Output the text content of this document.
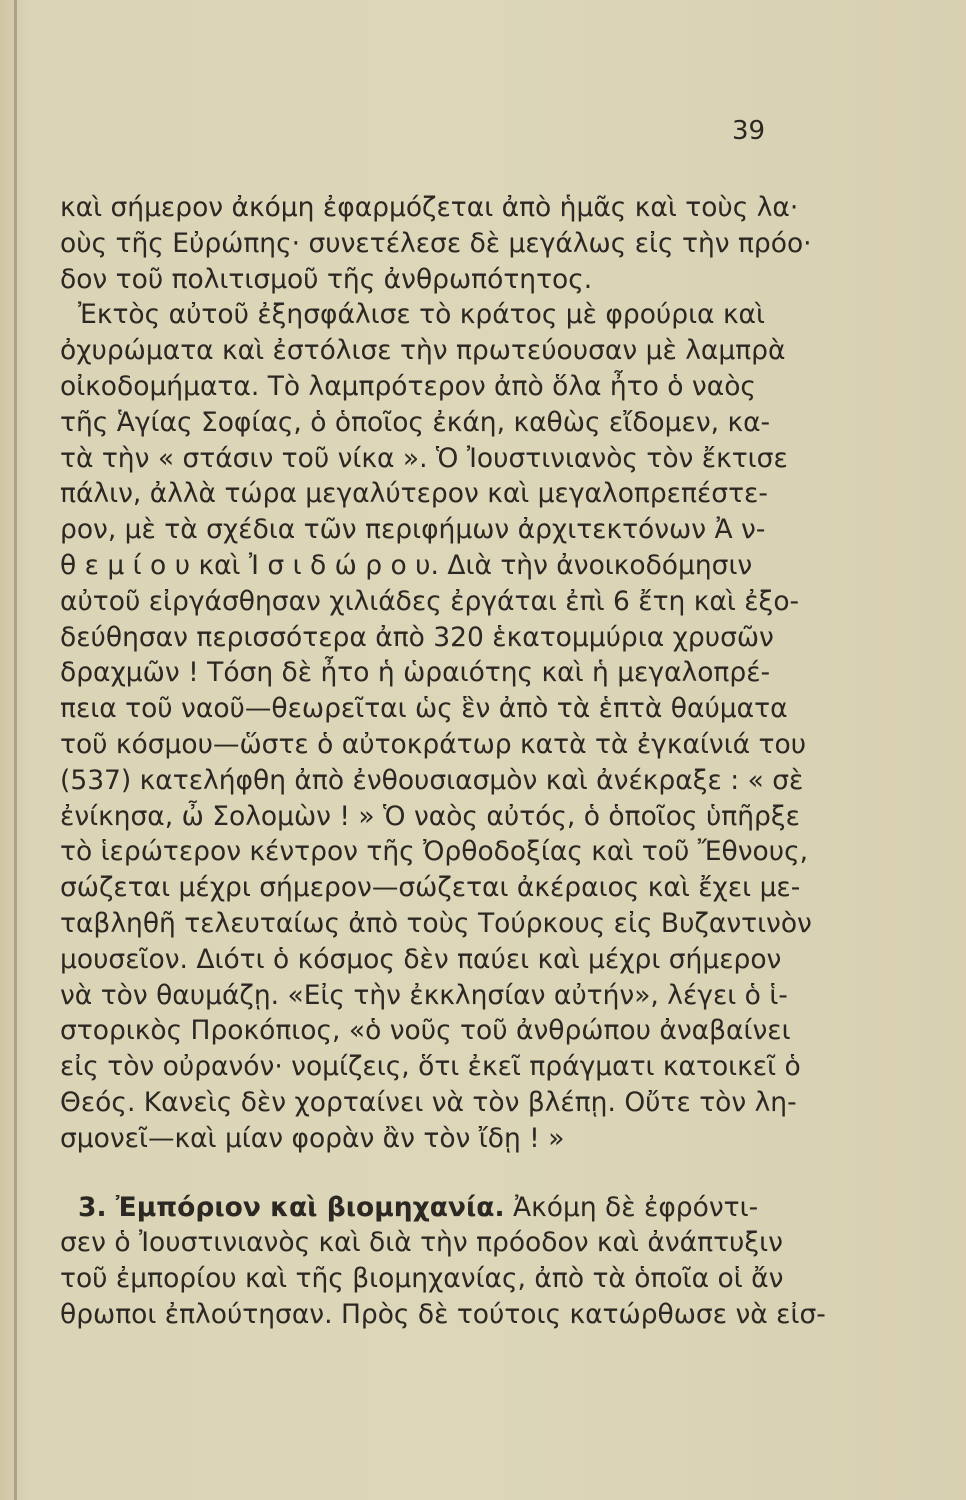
39
καὶ σήμερον ἀκόμη ἐφαρμόζεται ἀπὸ ἡμᾶς καὶ τοὺς λα·
οὺς τῆς Εὐρώπης· συνετέλεσε δὲ μεγάλως εἰς τὴν πρόο·
δον τοῦ πολιτισμοῦ τῆς ἀνθρωπότητος.
Ἐκτὸς αὐτοῦ ἐξησφάλισε τὸ κράτος μὲ φρούρια καὶ
ὀχυρώματα καὶ ἐστόλισε τὴν πρωτεύουσαν μὲ λαμπρὰ
οἰκοδομήματα. Τὸ λαμπρότερον ἀπὸ ὅλα ἦτο ὁ ναὸς
τῆς Ἁγίας Σοφίας, ὁ ὁποῖος ἐκάη, καθὼς εἴδομεν, κα-
τὰ τὴν « στάσιν τοῦ νίκα ». Ὁ Ἰουστινιανὸς τὸν ἔκτισε
πάλιν, ἀλλὰ τώρα μεγαλύτερον καὶ μεγαλοπρεπέστε-
ρον, μὲ τὰ σχέδια τῶν περιφήμων ἀρχιτεκτόνων Ἀ ν-
θ ε μ ί ο υ καὶ Ἰ σ ι δ ώ ρ ο υ. Διὰ τὴν ἀνοικοδόμησιν
αὐτοῦ εἰργάσθησαν χιλιάδες ἐργάται ἐπὶ 6 ἔτη καὶ ἐξο-
δεύθησαν περισσότερα ἀπὸ 320 ἑκατομμύρια χρυσῶν
δραχμῶν ! Τόση δὲ ἦτο ἡ ὡραιότης καὶ ἡ μεγαλοπρέ-
πεια τοῦ ναοῦ—θεωρεῖται ὡς ἓν ἀπὸ τὰ ἑπτὰ θαύματα
τοῦ κόσμου—ὥστε ὁ αὐτοκράτωρ κατὰ τὰ ἐγκαίνιά του
(537) κατελήφθη ἀπὸ ἐνθουσιασμὸν καὶ ἀνέκραξε : « σὲ
ἐνίκησα, ὦ Σολομὼν ! » Ὁ ναὸς αὐτός, ὁ ὁποῖος ὑπῆρξε
τὸ ἱερώτερον κέντρον τῆς Ὀρθοδοξίας καὶ τοῦ Ἔθνους,
σώζεται μέχρι σήμερον—σώζεται ἀκέραιος καὶ ἔχει με-
ταβληθῆ τελευταίως ἀπὸ τοὺς Τούρκους εἰς Βυζαντινὸν
μουσεῖον. Διότι ὁ κόσμος δὲν παύει καὶ μέχρι σήμερον
νὰ τὸν θαυμάζῃ. «Εἰς τὴν ἐκκλησίαν αὐτήν», λέγει ὁ ἱ-
στορικὸς Προκόπιος, «ὁ νοῦς τοῦ ἀνθρώπου ἀναβαίνει
εἰς τὸν οὐρανόν· νομίζεις, ὅτι ἐκεῖ πράγματι κατοικεῖ ὁ
Θεός. Κανεὶς δὲν χορταίνει νὰ τὸν βλέπῃ. Οὔτε τὸν λη-
σμονεῖ—καὶ μίαν φορὰν ἂν τὸν ἴδῃ ! »
3. Ἐμπόριον καὶ βιομηχανία. Ἀκόμη δὲ ἐφρόντι-
σεν ὁ Ἰουστινιανὸς καὶ διὰ τὴν πρόοδον καὶ ἀνάπτυξιν
τοῦ ἐμπορίου καὶ τῆς βιομηχανίας, ἀπὸ τὰ ὁποῖα οἱ ἄν
θρωποι ἐπλούτησαν. Πρὸς δὲ τούτοις κατώρθωσε νὰ εἰσ-
